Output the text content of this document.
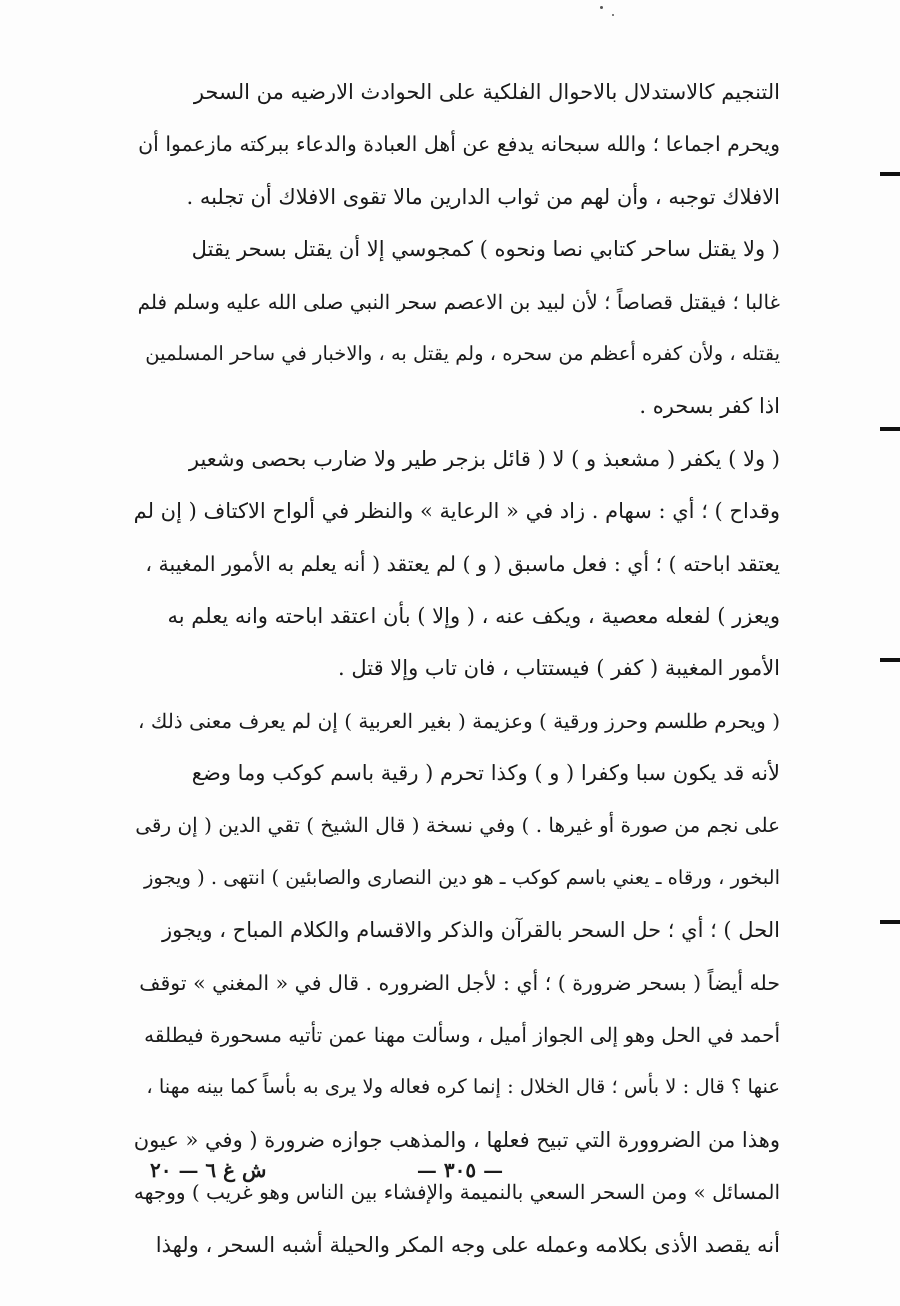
التنجيم كالاستدلال بالاحوال الفلكية على الحوادث الارضيه من السحر
ويحرم اجماعا ؛ والله سبحانه يدفع عن أهل العبادة والدعاء ببركته مازعموا أن
الافلاك توجبه ، وأن لهم من ثواب الدارين مالا تقوى الافلاك أن تجلبه .
( ولا يقتل ساحر كتابي نصا ونحوه ) كمجوسي إلا أن يقتل بسحر يقتل
غالبا ؛ فيقتل قصاصاً ؛ لأن لبيد بن الاعصم سحر النبي صلى الله عليه وسلم فلم
يقتله ، ولأن كفره أعظم من سحره ، ولم يقتل به ، والاخبار في ساحر المسلمين
اذا كفر بسحره .
( ولا ) يكفر ( مشعبذ و ) لا ( قائل بزجر طير ولا ضارب بحصى وشعير
وقداح ) ؛ أي : سهام . زاد في « الرعاية » والنظر في ألواح الاكتاف ( إن لم
يعتقد اباحته ) ؛ أي : فعل ماسبق ( و ) لم يعتقد ( أنه يعلم به الأمور المغيبة ،
ويعزر ) لفعله معصية ، ويكف عنه ، ( وإلا ) بأن اعتقد اباحته وانه يعلم به
الأمور المغيبة ( كفر ) فيستتاب ، فان تاب وإلا قتل .
( ويحرم طلسم وحرز ورقية ) وعزيمة ( بغير العربية ) إن لم يعرف معنى ذلك ،
لأنه قد يكون سبا وكفرا ( و ) وكذا تحرم ( رقية باسم كوكب وما وضع
على نجم من صورة أو غيرها . ) وفي نسخة ( قال الشيخ ) تقي الدين ( إن رقى
البخور ، ورقاه ـ يعني باسم كوكب ـ هو دين النصارى والصابئين ) انتهى . ( ويجوز
الحل ) ؛ أي ؛ حل السحر بالقرآن والذكر والاقسام والكلام المباح ، ويجوز
حله أيضاً ( بسحر ضرورة ) ؛ أي : لأجل الضروره . قال في « المغني » توقف
أحمد في الحل وهو إلى الجواز أميل ، وسألت مهنا عمن تأتيه مسحورة فيطلقه
عنها ؟ قال : لا بأس ؛ قال الخلال : إنما كره فعاله ولا يرى به بأساً كما بينه مهنا ،
وهذا من الضروورة التي تبيح فعلها ، والمذهب جوازه ضرورة ( وفي « عيون
المسائل » ومن السحر السعي بالنميمة والإفشاء بين الناس وهو غريب ) ووجهه
أنه يقصد الأذى بكلامه وعمله على وجه المكر والحيلة أشبه السحر ، ولهذا
ش غ ٦ — ٢٠	— ٣٠٥ —
